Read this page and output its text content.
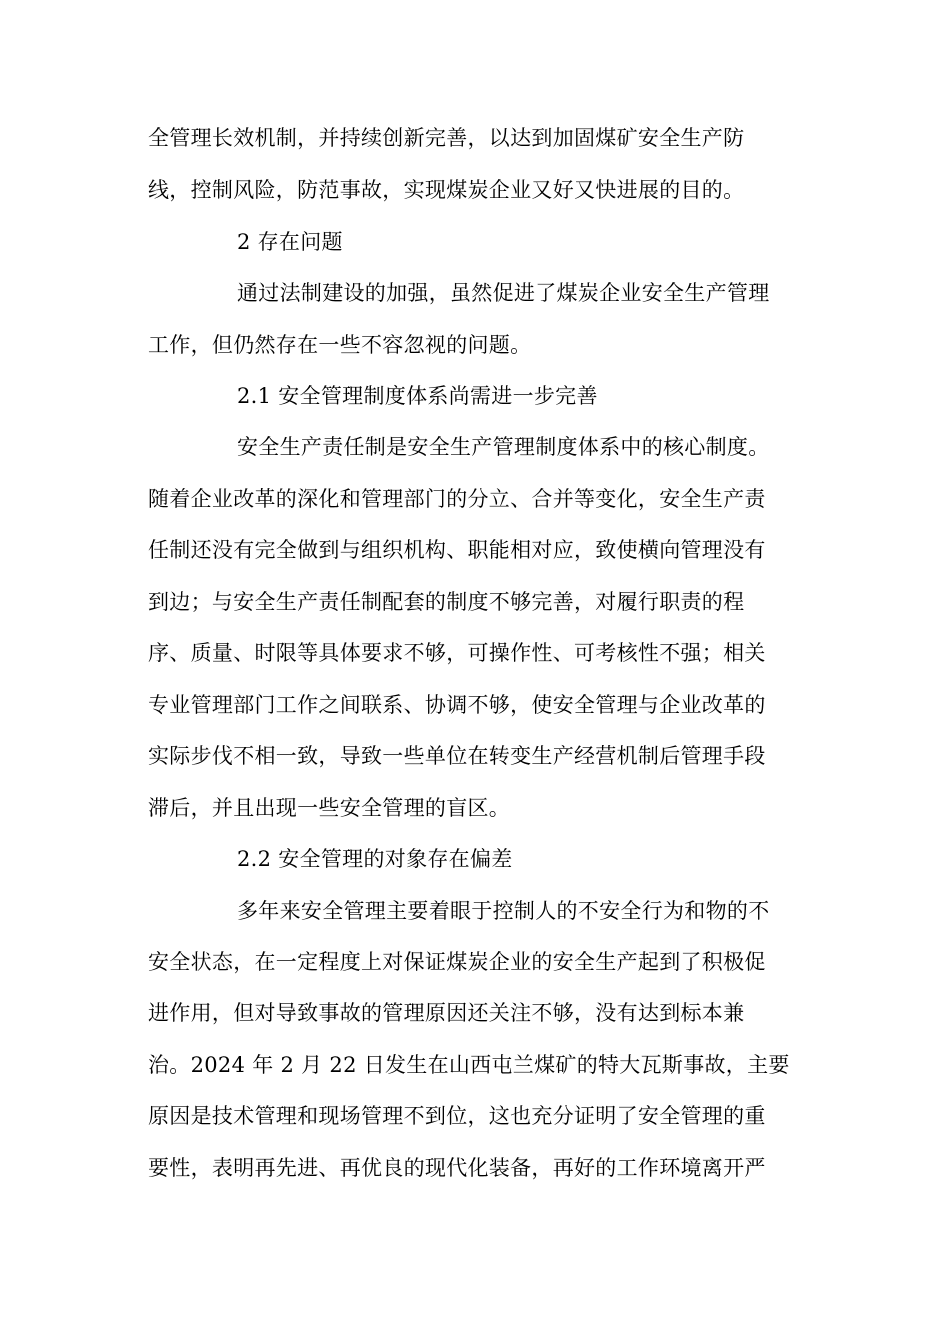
全管理长效机制，并持续创新完善，以达到加固煤矿安全生产防
线，控制风险，防范事故，实现煤炭企业又好又快进展的目的。
2 存在问题
通过法制建设的加强，虽然促进了煤炭企业安全生产管理
工作，但仍然存在一些不容忽视的问题。
2.1 安全管理制度体系尚需进一步完善
安全生产责任制是安全生产管理制度体系中的核心制度。
随着企业改革的深化和管理部门的分立、合并等变化，安全生产责
任制还没有完全做到与组织机构、职能相对应，致使横向管理没有
到边；与安全生产责任制配套的制度不够完善，对履行职责的程
序、质量、时限等具体要求不够，可操作性、可考核性不强；相关
专业管理部门工作之间联系、协调不够，使安全管理与企业改革的
实际步伐不相一致，导致一些单位在转变生产经营机制后管理手段
滞后，并且出现一些安全管理的盲区。
2.2 安全管理的对象存在偏差
多年来安全管理主要着眼于控制人的不安全行为和物的不
安全状态，在一定程度上对保证煤炭企业的安全生产起到了积极促
进作用，但对导致事故的管理原因还关注不够，没有达到标本兼
治。2024 年 2 月 22 日发生在山西屯兰煤矿的特大瓦斯事故，主要
原因是技术管理和现场管理不到位，这也充分证明了安全管理的重
要性，表明再先进、再优良的现代化装备，再好的工作环境离开严
